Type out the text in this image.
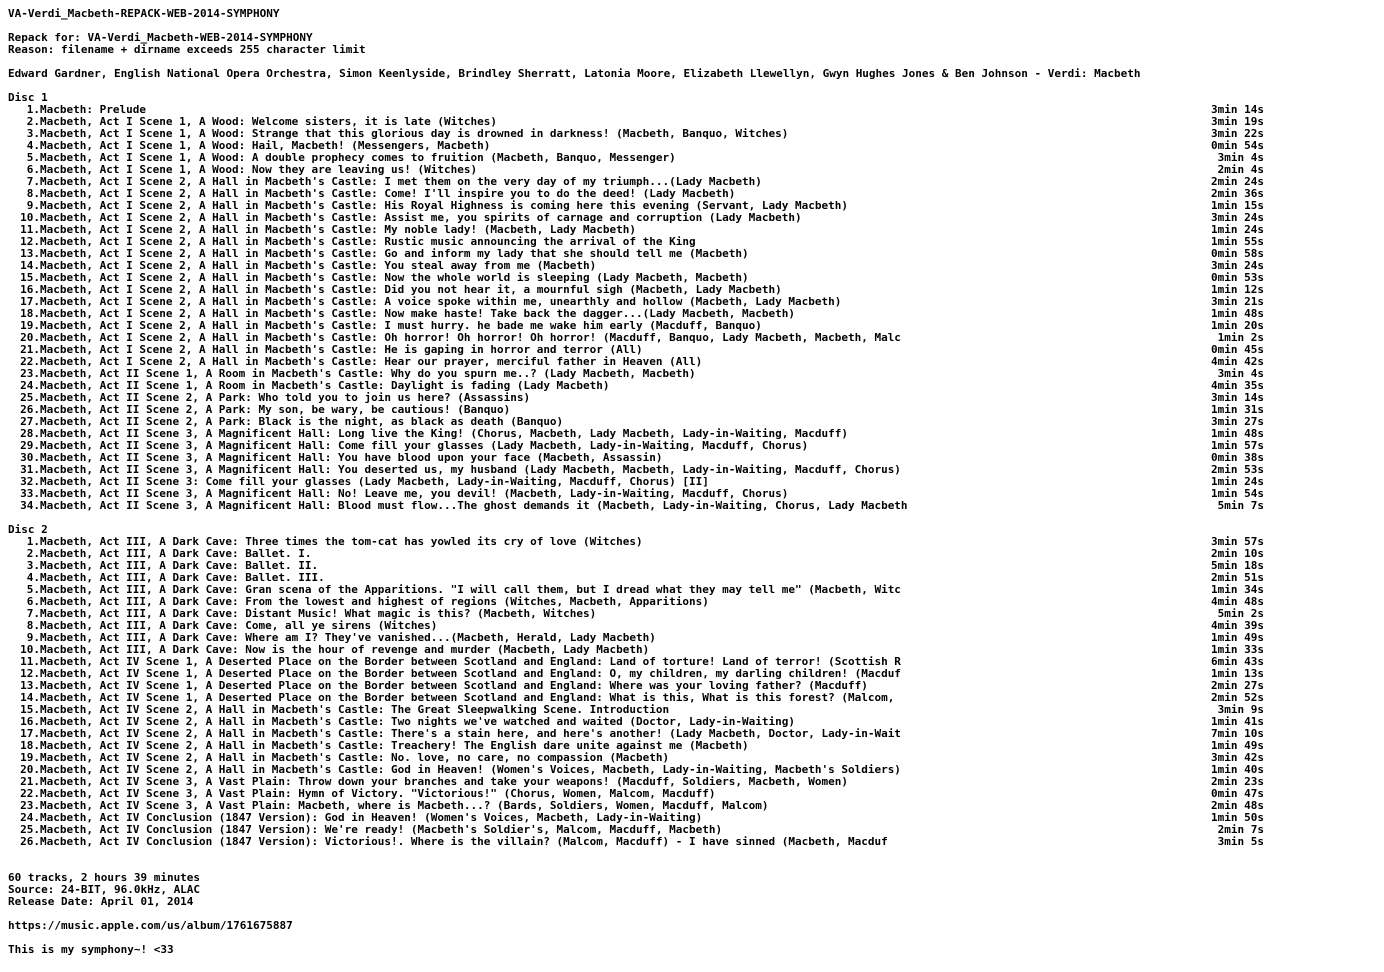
VA-Verdi_Macbeth-REPACK-WEB-2014-SYMPHONY
Repack for: VA-Verdi_Macbeth-WEB-2014-SYMPHONY
Reason: filename + dirname exceeds 255 character limit
Edward Gardner, English National Opera Orchestra, Simon Keenlyside, Brindley Sherratt, Latonia Moore, Elizabeth Llewellyn, Gwyn Hughes Jones & Ben Johnson - Verdi: Macbeth
Disc 1
1. Macbeth: Prelude	3min 14s
2. Macbeth, Act I Scene 1, A Wood: Welcome sisters, it is late (Witches)	3min 19s
3. Macbeth, Act I Scene 1, A Wood: Strange that this glorious day is drowned in darkness! (Macbeth, Banquo, Witches)	3min 22s
4. Macbeth, Act I Scene 1, A Wood: Hail, Macbeth! (Messengers, Macbeth)	0min 54s
5. Macbeth, Act I Scene 1, A Wood: A double prophecy comes to fruition (Macbeth, Banquo, Messenger)	3min 4s
6. Macbeth, Act I Scene 1, A Wood: Now they are leaving us! (Witches)	2min 4s
7. Macbeth, Act I Scene 2, A Hall in Macbeth's Castle: I met them on the very day of my triumph...(Lady Macbeth)	2min 24s
8. Macbeth, Act I Scene 2, A Hall in Macbeth's Castle: Come! I'll inspire you to do the deed! (Lady Macbeth)	2min 36s
9. Macbeth, Act I Scene 2, A Hall in Macbeth's Castle: His Royal Highness is coming here this evening (Servant, Lady Macbeth)	1min 15s
10. Macbeth, Act I Scene 2, A Hall in Macbeth's Castle: Assist me, you spirits of carnage and corruption (Lady Macbeth)	3min 24s
11. Macbeth, Act I Scene 2, A Hall in Macbeth's Castle: My noble lady! (Macbeth, Lady Macbeth)	1min 24s
12. Macbeth, Act I Scene 2, A Hall in Macbeth's Castle: Rustic music announcing the arrival of the King	1min 55s
13. Macbeth, Act I Scene 2, A Hall in Macbeth's Castle: Go and inform my lady that she should tell me (Macbeth)	0min 58s
14. Macbeth, Act I Scene 2, A Hall in Macbeth's Castle: You steal away from me (Macbeth)	3min 24s
15. Macbeth, Act I Scene 2, A Hall in Macbeth's Castle: Now the whole world is sleeping (Lady Macbeth, Macbeth)	0min 53s
16. Macbeth, Act I Scene 2, A Hall in Macbeth's Castle: Did you not hear it, a mournful sigh (Macbeth, Lady Macbeth)	1min 12s
17. Macbeth, Act I Scene 2, A Hall in Macbeth's Castle: A voice spoke within me, unearthly and hollow (Macbeth, Lady Macbeth)	3min 21s
18. Macbeth, Act I Scene 2, A Hall in Macbeth's Castle: Now make haste! Take back the dagger...(Lady Macbeth, Macbeth)	1min 48s
19. Macbeth, Act I Scene 2, A Hall in Macbeth's Castle: I must hurry. he bade me wake him early (Macduff, Banquo)	1min 20s
20. Macbeth, Act I Scene 2, A Hall in Macbeth's Castle: Oh horror! Oh horror! Oh horror! (Macduff, Banquo, Lady Macbeth, Macbeth, Malc	1min 2s
21. Macbeth, Act I Scene 2, A Hall in Macbeth's Castle: He is gaping in horror and terror (All)	0min 45s
22. Macbeth, Act I Scene 2, A Hall in Macbeth's Castle: Hear our prayer, merciful father in Heaven (All)	4min 42s
23. Macbeth, Act II Scene 1, A Room in Macbeth's Castle: Why do you spurn me..? (Lady Macbeth, Macbeth)	3min 4s
24. Macbeth, Act II Scene 1, A Room in Macbeth's Castle: Daylight is fading (Lady Macbeth)	4min 35s
25. Macbeth, Act II Scene 2, A Park: Who told you to join us here? (Assassins)	3min 14s
26. Macbeth, Act II Scene 2, A Park: My son, be wary, be cautious! (Banquo)	1min 31s
27. Macbeth, Act II Scene 2, A Park: Black is the night, as black as death (Banquo)	3min 27s
28. Macbeth, Act II Scene 3, A Magnificent Hall: Long live the King! (Chorus, Macbeth, Lady Macbeth, Lady-in-Waiting, Macduff)	1min 48s
29. Macbeth, Act II Scene 3, A Magnificent Hall: Come fill your glasses (Lady Macbeth, Lady-in-Waiting, Macduff, Chorus)	1min 57s
30. Macbeth, Act II Scene 3, A Magnificent Hall: You have blood upon your face (Macbeth, Assassin)	0min 38s
31. Macbeth, Act II Scene 3, A Magnificent Hall: You deserted us, my husband (Lady Macbeth, Macbeth, Lady-in-Waiting, Macduff, Chorus)	2min 53s
32. Macbeth, Act II Scene 3: Come fill your glasses (Lady Macbeth, Lady-in-Waiting, Macduff, Chorus) [II]	1min 24s
33. Macbeth, Act II Scene 3, A Magnificent Hall: No! Leave me, you devil! (Macbeth, Lady-in-Waiting, Macduff, Chorus)	1min 54s
34. Macbeth, Act II Scene 3, A Magnificent Hall: Blood must flow...The ghost demands it (Macbeth, Lady-in-Waiting, Chorus, Lady Macbeth	5min 7s
Disc 2
1. Macbeth, Act III, A Dark Cave: Three times the tom-cat has yowled its cry of love (Witches)	3min 57s
2. Macbeth, Act III, A Dark Cave: Ballet. I.	2min 10s
3. Macbeth, Act III, A Dark Cave: Ballet. II.	5min 18s
4. Macbeth, Act III, A Dark Cave: Ballet. III.	2min 51s
5. Macbeth, Act III, A Dark Cave: Gran scena of the Apparitions. "I will call them, but I dread what they may tell me" (Macbeth, Witc	1min 34s
6. Macbeth, Act III, A Dark Cave: From the lowest and highest of regions (Witches, Macbeth, Apparitions)	4min 48s
7. Macbeth, Act III, A Dark Cave: Distant Music! What magic is this? (Macbeth, Witches)	5min 2s
8. Macbeth, Act III, A Dark Cave: Come, all ye sirens (Witches)	4min 39s
9. Macbeth, Act III, A Dark Cave: Where am I? They've vanished...(Macbeth, Herald, Lady Macbeth)	1min 49s
10. Macbeth, Act III, A Dark Cave: Now is the hour of revenge and murder (Macbeth, Lady Macbeth)	1min 33s
11. Macbeth, Act IV Scene 1, A Deserted Place on the Border between Scotland and England: Land of torture! Land of terror! (Scottish R	6min 43s
12. Macbeth, Act IV Scene 1, A Deserted Place on the Border between Scotland and England: O, my children, my darling children! (Macduf	1min 13s
13. Macbeth, Act IV Scene 1, A Deserted Place on the Border between Scotland and England: Where was your loving father? (Macduff)	2min 27s
14. Macbeth, Act IV Scene 1, A Deserted Place on the Border between Scotland and England: What is this, What is this forest? (Malcom,	2min 52s
15. Macbeth, Act IV Scene 2, A Hall in Macbeth's Castle: The Great Sleepwalking Scene. Introduction	3min 9s
16. Macbeth, Act IV Scene 2, A Hall in Macbeth's Castle: Two nights we've watched and waited (Doctor, Lady-in-Waiting)	1min 41s
17. Macbeth, Act IV Scene 2, A Hall in Macbeth's Castle: There's a stain here, and here's another! (Lady Macbeth, Doctor, Lady-in-Wait	7min 10s
18. Macbeth, Act IV Scene 2, A Hall in Macbeth's Castle: Treachery! The English dare unite against me (Macbeth)	1min 49s
19. Macbeth, Act IV Scene 2, A Hall in Macbeth's Castle: No. love, no care, no compassion (Macbeth)	3min 42s
20. Macbeth, Act IV Scene 2, A Hall in Macbeth's Castle: God in Heaven! (Women's Voices, Macbeth, Lady-in-Waiting, Macbeth's Soldiers)	1min 40s
21. Macbeth, Act IV Scene 3, A Vast Plain: Throw down your branches and take your weapons! (Macduff, Soldiers, Macbeth, Women)	2min 23s
22. Macbeth, Act IV Scene 3, A Vast Plain: Hymn of Victory. "Victorious!" (Chorus, Women, Malcom, Macduff)	0min 47s
23. Macbeth, Act IV Scene 3, A Vast Plain: Macbeth, where is Macbeth...? (Bards, Soldiers, Women, Macduff, Malcom)	2min 48s
24. Macbeth, Act IV Conclusion (1847 Version): God in Heaven! (Women's Voices, Macbeth, Lady-in-Waiting)	1min 50s
25. Macbeth, Act IV Conclusion (1847 Version): We're ready! (Macbeth's Soldier's, Malcom, Macduff, Macbeth)	2min 7s
26. Macbeth, Act IV Conclusion (1847 Version): Victorious!. Where is the villain? (Malcom, Macduff) - I have sinned (Macbeth, Macduf	3min 5s
60 tracks, 2 hours 39 minutes
Source: 24-BIT, 96.0kHz, ALAC
Release Date: April 01, 2014
https://music.apple.com/us/album/1761675887
This is my symphony~! <33
